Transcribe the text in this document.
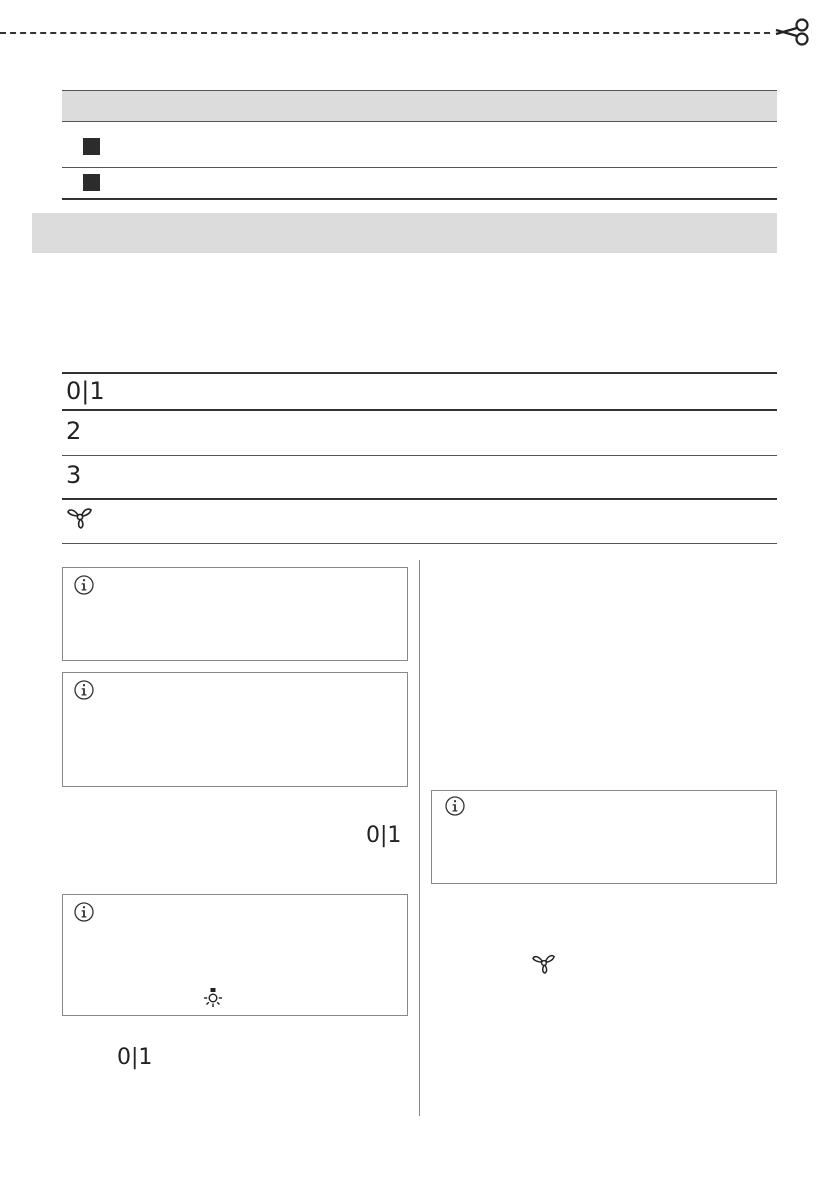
0|1

2

3

0|1

0|1
